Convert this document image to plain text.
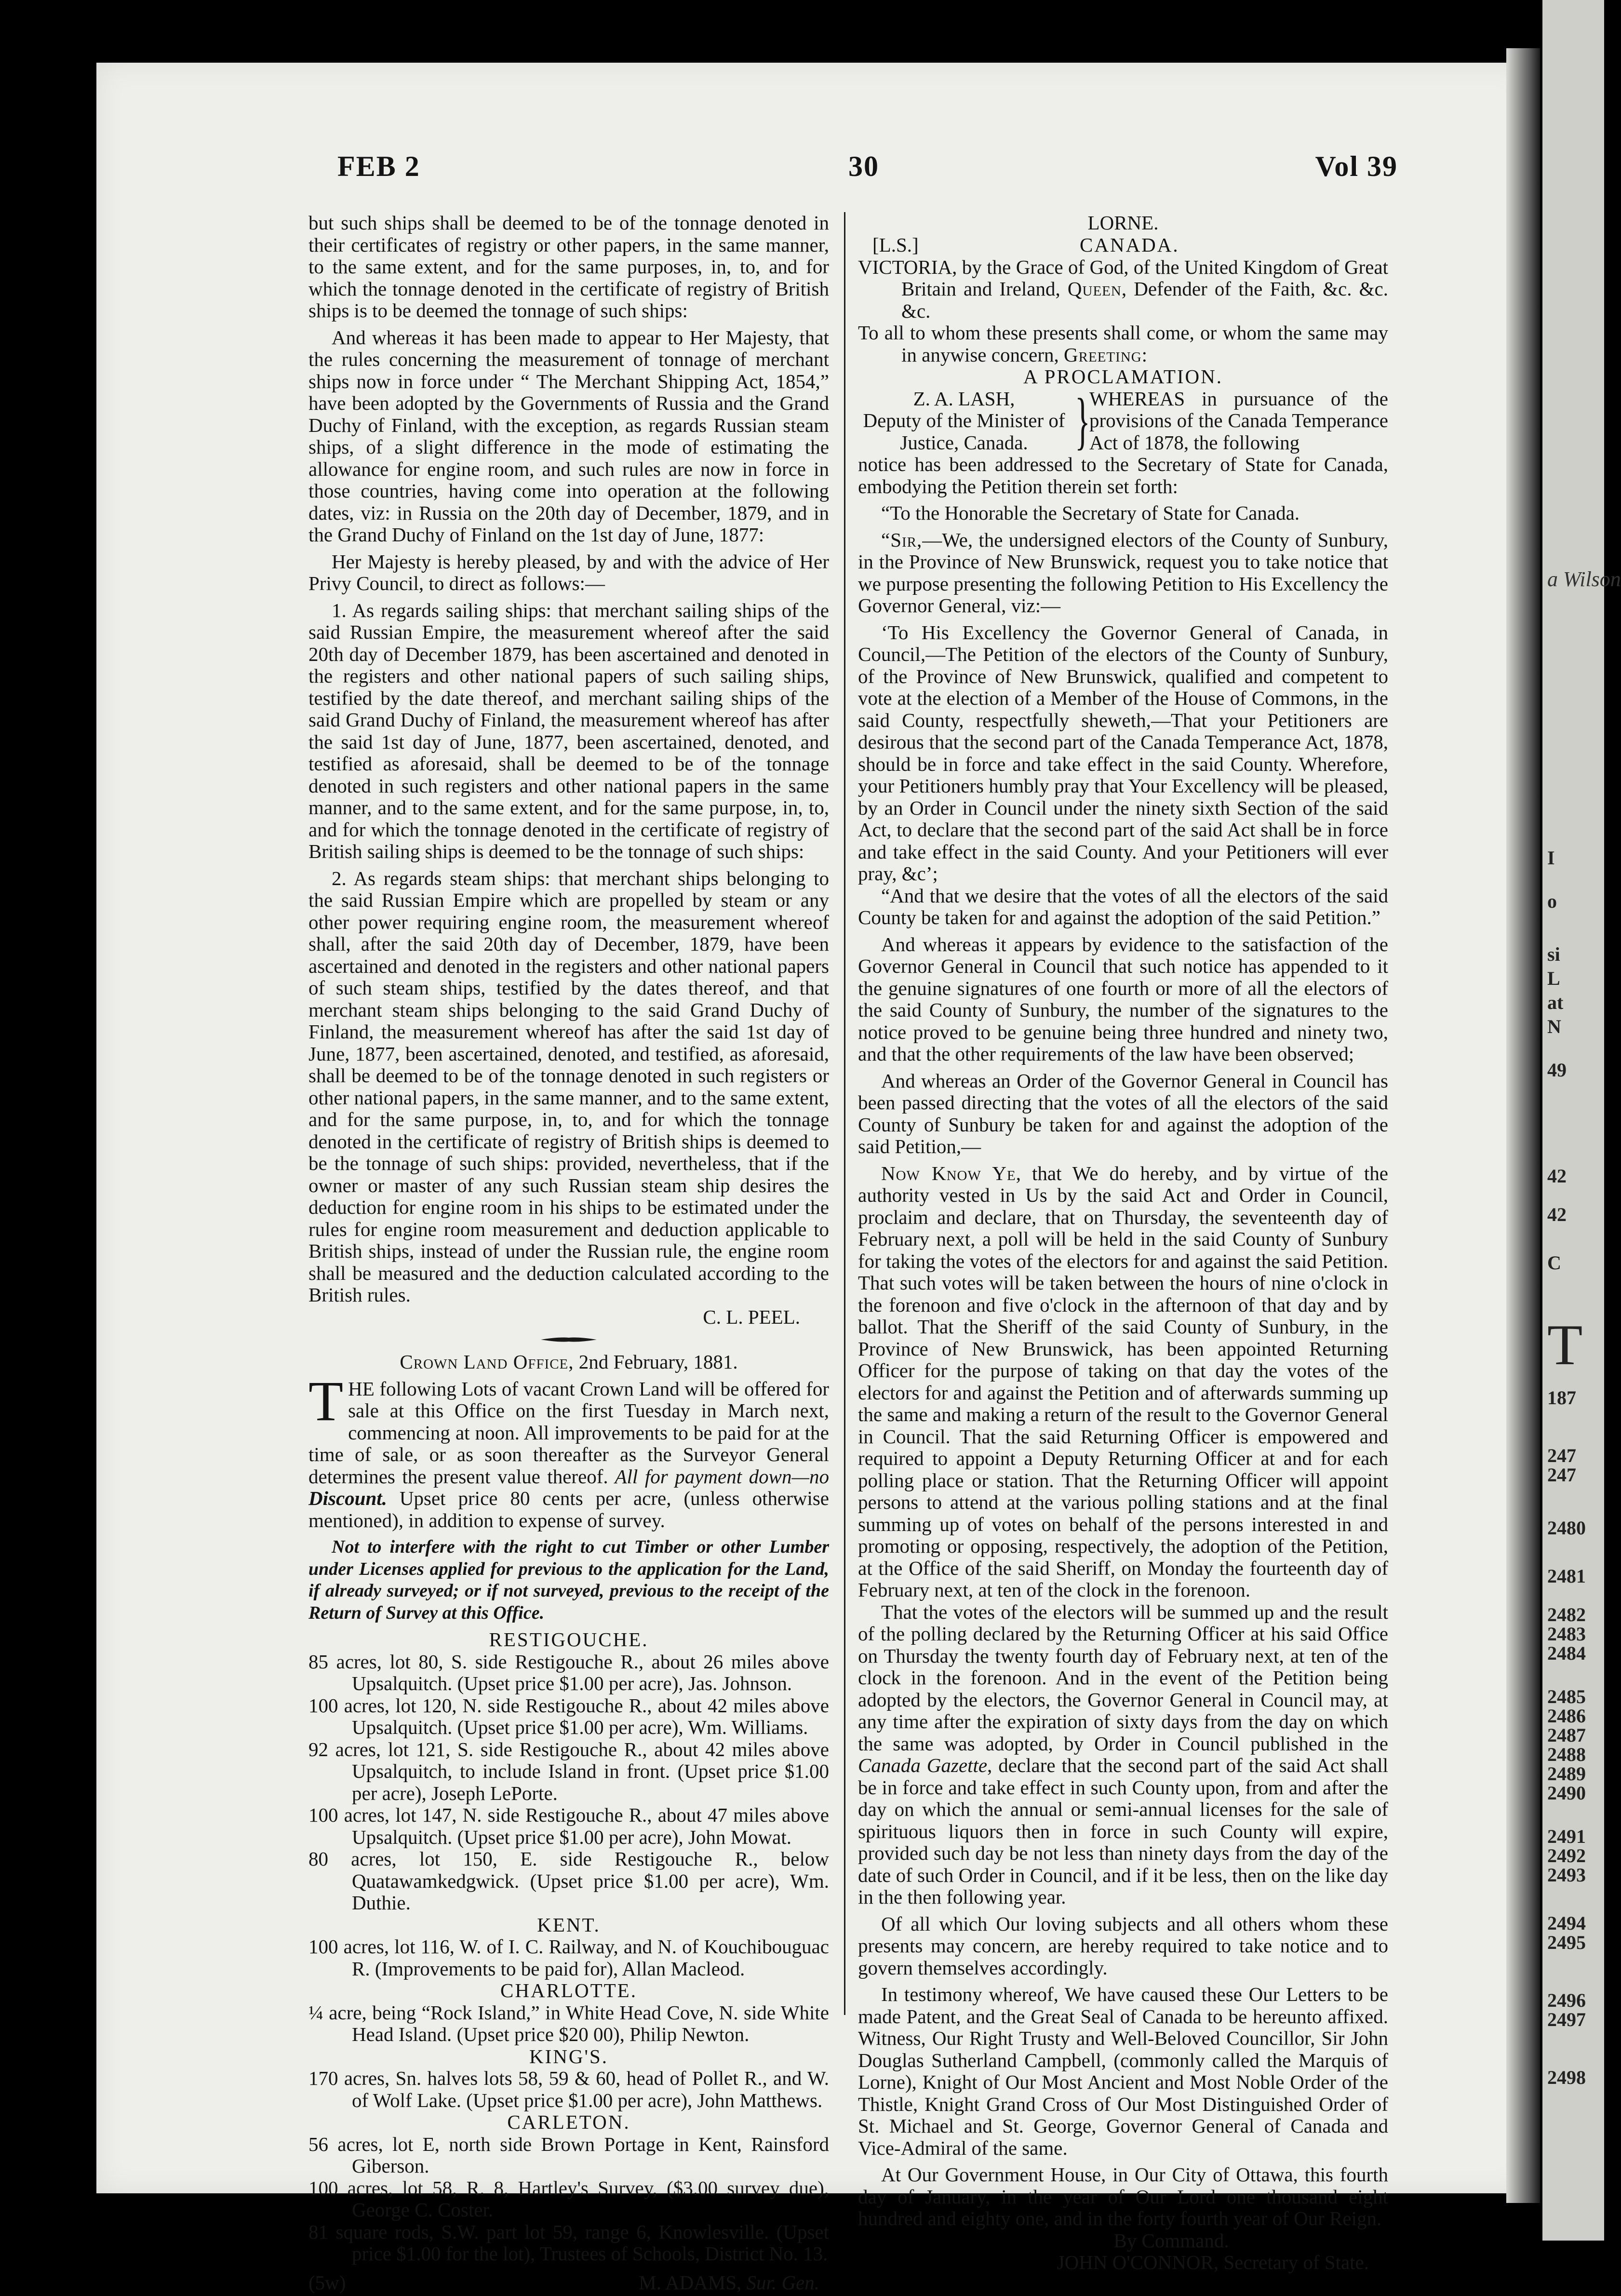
a Wilson
I
o
si
L
at
N
49
42
42
C
T
187
247
247
2480
2481
2482
2483
2484
2485
2486
2487
2488
2489
2490
2491
2492
2493
2494
2495
2496
2497
2498
FEB 2	30	Vol 39

but such ships shall be deemed to be of the tonnage denoted in their certificates of registry or other papers, in the same manner, to the same extent, and for the same purposes, in, to, and for which the tonnage denoted in the certificate of registry of British ships is to be deemed the tonnage of such ships:

And whereas it has been made to appear to Her Majesty, that the rules concerning the measurement of tonnage of merchant ships now in force under “ The Merchant Shipping Act, 1854,” have been adopted by the Governments of Russia and the Grand Duchy of Finland, with the exception, as regards Russian steam ships, of a slight difference in the mode of estimating the allowance for engine room, and such rules are now in force in those countries, having come into operation at the following dates, viz: in Russia on the 20th day of December, 1879, and in the Grand Duchy of Finland on the 1st day of June, 1877:

Her Majesty is hereby pleased, by and with the advice of Her Privy Council, to direct as follows:—

1. As regards sailing ships: that merchant sailing ships of the said Russian Empire, the measurement whereof after the said 20th day of December 1879, has been ascertained and denoted in the registers and other national papers of such sailing ships, testified by the date thereof, and merchant sailing ships of the said Grand Duchy of Finland, the measurement whereof has after the said 1st day of June, 1877, been ascertained, denoted, and testified as aforesaid, shall be deemed to be of the tonnage denoted in such registers and other national papers in the same manner, and to the same extent, and for the same purpose, in, to, and for which the tonnage denoted in the certificate of registry of British sailing ships is deemed to be the tonnage of such ships:

2. As regards steam ships: that merchant ships belonging to the said Russian Empire which are propelled by steam or any other power requiring engine room, the measurement whereof shall, after the said 20th day of December, 1879, have been ascertained and denoted in the registers and other national papers of such steam ships, testified by the dates thereof, and that merchant steam ships belonging to the said Grand Duchy of Finland, the measurement whereof has after the said 1st day of June, 1877, been ascertained, denoted, and testified, as aforesaid, shall be deemed to be of the tonnage denoted in such registers or other national papers, in the same manner, and to the same extent, and for the same purpose, in, to, and for which the tonnage denoted in the certificate of registry of British ships is deemed to be the tonnage of such ships: provided, nevertheless, that if the owner or master of any such Russian steam ship desires the deduction for engine room in his ships to be estimated under the rules for engine room measurement and deduction applicable to British ships, instead of under the Russian rule, the engine room shall be measured and the deduction calculated according to the British rules.

C. L. PEEL.

Crown Land Office, 2nd February, 1881.

THE following Lots of vacant Crown Land will be offered for sale at this Office on the first Tuesday in March next, commencing at noon. All improvements to be paid for at the time of sale, or as soon thereafter as the Surveyor General determines the present value thereof. All for payment down—no Discount. Upset price 80 cents per acre, (unless otherwise mentioned), in addition to expense of survey.

Not to interfere with the right to cut Timber or other Lumber under Licenses applied for previous to the application for the Land, if already surveyed; or if not surveyed, previous to the receipt of the Return of Survey at this Office.

RESTIGOUCHE.

85 acres, lot 80, S. side Restigouche R., about 26 miles above Upsalquitch. (Upset price $1.00 per acre), Jas. Johnson.

100 acres, lot 120, N. side Restigouche R., about 42 miles above Upsalquitch. (Upset price $1.00 per acre), Wm. Williams.

92 acres, lot 121, S. side Restigouche R., about 42 miles above Upsalquitch, to include Island in front. (Upset price $1.00 per acre), Joseph LePorte.

100 acres, lot 147, N. side Restigouche R., about 47 miles above Upsalquitch. (Upset price $1.00 per acre), John Mowat.

80 acres, lot 150, E. side Restigouche R., below Quatawamkedgwick. (Upset price $1.00 per acre), Wm. Duthie.

KENT.

100 acres, lot 116, W. of I. C. Railway, and N. of Kouchibouguac R. (Improvements to be paid for), Allan Macleod.

CHARLOTTE.

¼ acre, being “Rock Island,” in White Head Cove, N. side White Head Island. (Upset price $20 00), Philip Newton.

KING'S.

170 acres, Sn. halves lots 58, 59 & 60, head of Pollet R., and W. of Wolf Lake. (Upset price $1.00 per acre), John Matthews.

CARLETON.

56 acres, lot E, north side Brown Portage in Kent, Rainsford Giberson.

100 acres, lot 58, R. 8, Hartley's Survey, ($3.00 survey due), George C. Coster.

81 square rods, S.W. part lot 59, range 6, Knowlesville. (Upset price $1.00 for the lot), Trustees of Schools, District No. 13.

(5w)	M. ADAMS, Sur. Gen.

LORNE.

[L.S.]	CANADA.

VICTORIA, by the Grace of God, of the United Kingdom of Great Britain and Ireland, Queen, Defender of the Faith, &c. &c. &c.

To all to whom these presents shall come, or whom the same may in anywise concern, Greeting:

A PROCLAMATION.

Z. A. LASH,
Deputy of the Minister of Justice, Canada. }
WHEREAS in pursuance of the provisions of the Canada Temperance Act of 1878, the following

notice has been addressed to the Secretary of State for Canada, embodying the Petition therein set forth:

“To the Honorable the Secretary of State for Canada.

“Sir,—We, the undersigned electors of the County of Sunbury, in the Province of New Brunswick, request you to take notice that we purpose presenting the following Petition to His Excellency the Governor General, viz:—

‘To His Excellency the Governor General of Canada, in Council,—The Petition of the electors of the County of Sunbury, of the Province of New Brunswick, qualified and competent to vote at the election of a Member of the House of Commons, in the said County, respectfully sheweth,—That your Petitioners are desirous that the second part of the Canada Temperance Act, 1878, should be in force and take effect in the said County. Wherefore, your Petitioners humbly pray that Your Excellency will be pleased, by an Order in Council under the ninety sixth Section of the said Act, to declare that the second part of the said Act shall be in force and take effect in the said County. And your Petitioners will ever pray, &c’;

“And that we desire that the votes of all the electors of the said County be taken for and against the adoption of the said Petition.”

And whereas it appears by evidence to the satisfaction of the Governor General in Council that such notice has appended to it the genuine signatures of one fourth or more of all the electors of the said County of Sunbury, the number of the signatures to the notice proved to be genuine being three hundred and ninety two, and that the other requirements of the law have been observed;

And whereas an Order of the Governor General in Council has been passed directing that the votes of all the electors of the said County of Sunbury be taken for and against the adoption of the said Petition,—

Now Know Ye, that We do hereby, and by virtue of the authority vested in Us by the said Act and Order in Council, proclaim and declare, that on Thursday, the seventeenth day of February next, a poll will be held in the said County of Sunbury for taking the votes of the electors for and against the said Petition. That such votes will be taken between the hours of nine o'clock in the forenoon and five o'clock in the afternoon of that day and by ballot. That the Sheriff of the said County of Sunbury, in the Province of New Brunswick, has been appointed Returning Officer for the purpose of taking on that day the votes of the electors for and against the Petition and of afterwards summing up the same and making a return of the result to the Governor General in Council. That the said Returning Officer is empowered and required to appoint a Deputy Returning Officer at and for each polling place or station. That the Returning Officer will appoint persons to attend at the various polling stations and at the final summing up of votes on behalf of the persons interested in and promoting or opposing, respectively, the adoption of the Petition, at the Office of the said Sheriff, on Monday the fourteenth day of February next, at ten of the clock in the forenoon.

That the votes of the electors will be summed up and the result of the polling declared by the Returning Officer at his said Office on Thursday the twenty fourth day of February next, at ten of the clock in the forenoon. And in the event of the Petition being adopted by the electors, the Governor General in Council may, at any time after the expiration of sixty days from the day on which the same was adopted, by Order in Council published in the Canada Gazette, declare that the second part of the said Act shall be in force and take effect in such County upon, from and after the day on which the annual or semi-annual licenses for the sale of spirituous liquors then in force in such County will expire, provided such day be not less than ninety days from the day of the date of such Order in Council, and if it be less, then on the like day in the then following year.

Of all which Our loving subjects and all others whom these presents may concern, are hereby required to take notice and to govern themselves accordingly.

In testimony whereof, We have caused these Our Letters to be made Patent, and the Great Seal of Canada to be hereunto affixed. Witness, Our Right Trusty and Well-Beloved Councillor, Sir John Douglas Sutherland Campbell, (commonly called the Marquis of Lorne), Knight of Our Most Ancient and Most Noble Order of the Thistle, Knight Grand Cross of Our Most Distinguished Order of St. Michael and St. George, Governor General of Canada and Vice-Admiral of the same.

At Our Government House, in Our City of Ottawa, this fourth day of January, in the year of Our Lord one thousand eight hundred and eighty one, and in the forty fourth year of Our Reign.

By Command.

JOHN O'CONNOR, Secretary of State.
